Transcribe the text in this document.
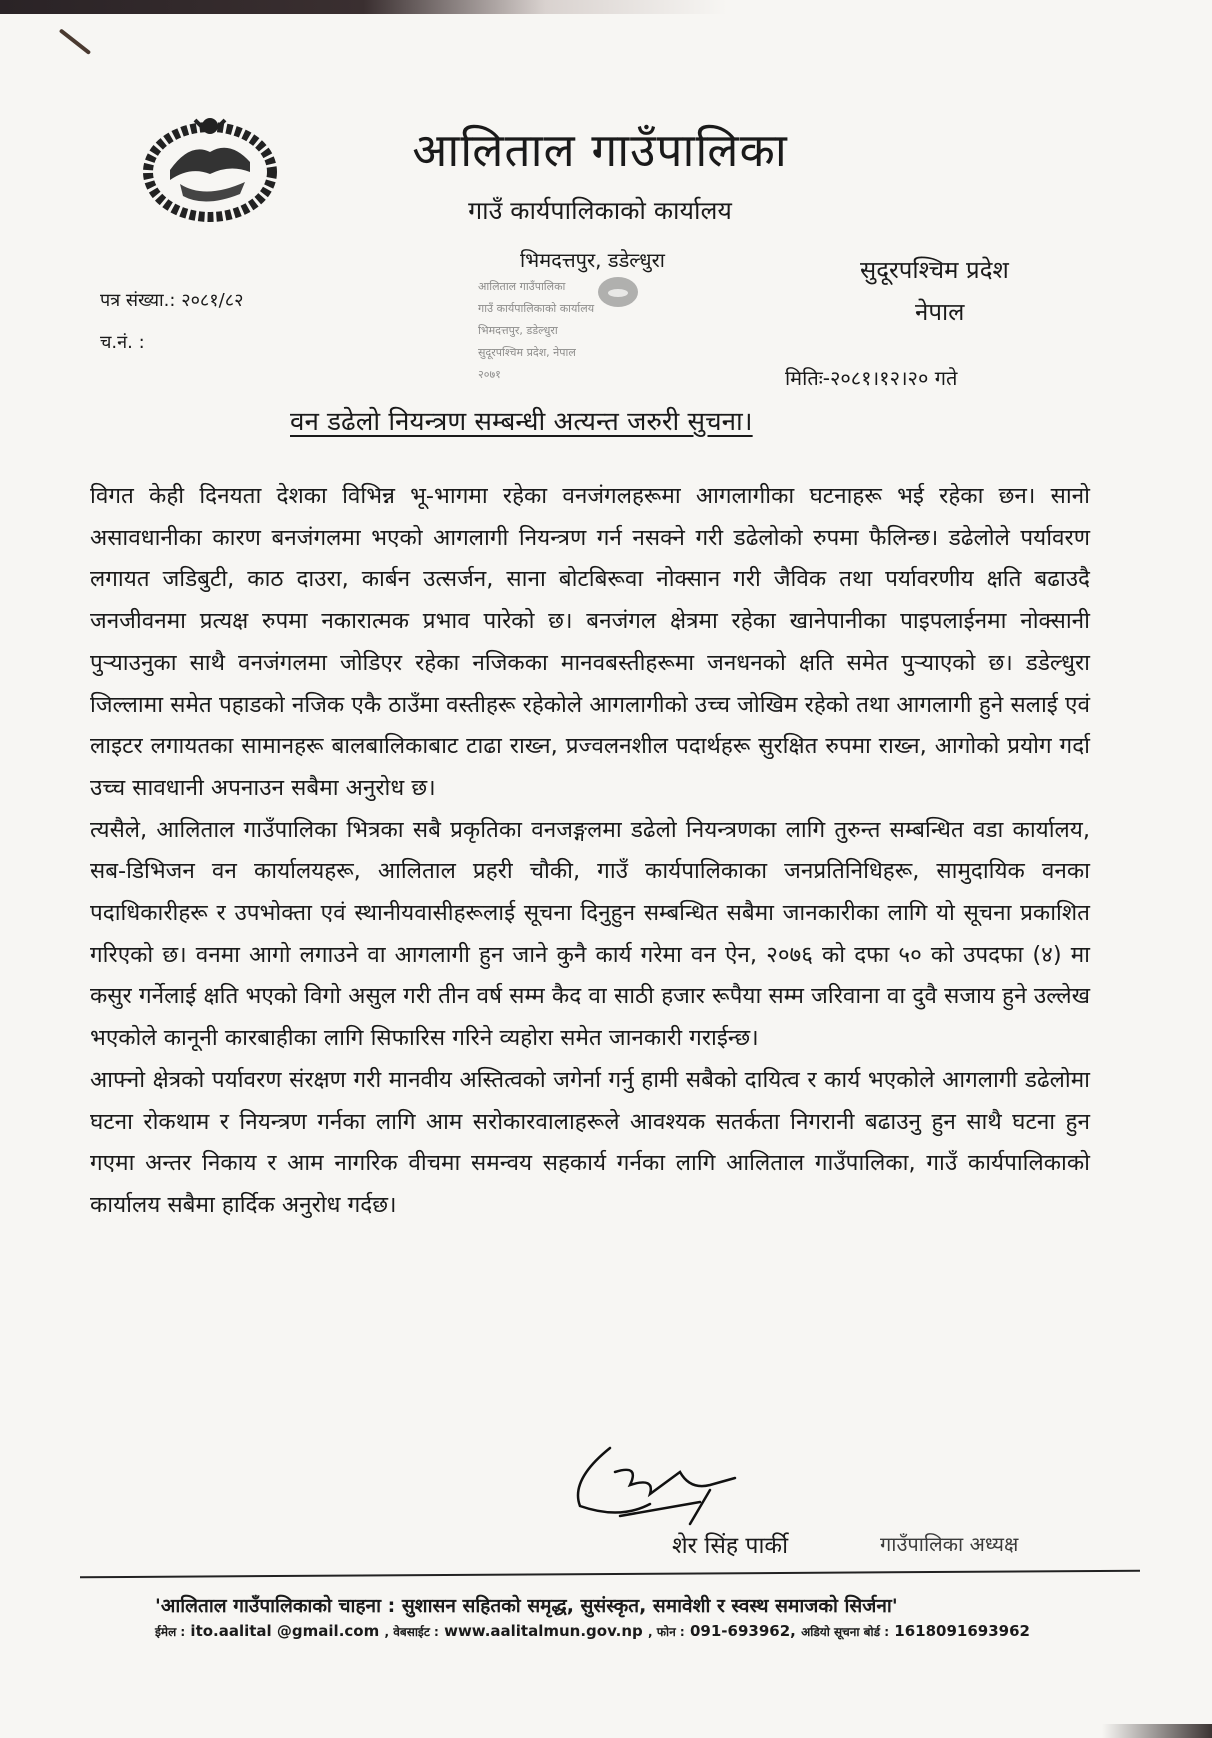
आलिताल गाउँपालिका
गाउँ कार्यपालिकाको कार्यालय
भिमदत्तपुर, डडेल्धुरा	सुदूरपश्चिम प्रदेश
नेपाल
पत्र संख्या.: २०८१/८२
च.नं. :
मितिः-२०८१।१२।२० गते
आलिताल गाउँपालिका
गाउँ कार्यपालिकाको कार्यालय
भिमदत्तपुर, डडेल्धुरा
सुदूरपश्चिम प्रदेश, नेपाल
२०७१
वन डढेलो नियन्त्रण सम्बन्धी अत्यन्त जरुरी सुचना।

विगत केही दिनयता देशका विभिन्न भू-भागमा रहेका वनजंगलहरूमा आगलागीका घटनाहरू भई रहेका छन। सानो असावधानीका कारण बनजंगलमा भएको आगलागी नियन्त्रण गर्न नसक्ने गरी डढेलोको रुपमा फैलिन्छ। डढेलोले पर्यावरण लगायत जडिबुटी, काठ दाउरा, कार्बन उत्सर्जन, साना बोटबिरूवा नोक्सान गरी जैविक तथा पर्यावरणीय क्षति बढाउदै जनजीवनमा प्रत्यक्ष रुपमा नकारात्मक प्रभाव पारेको छ। बनजंगल क्षेत्रमा रहेका खानेपानीका पाइपलाईनमा नोक्सानी पुऱ्याउनुका साथै वनजंगलमा जोडिएर रहेका नजिकका मानवबस्तीहरूमा जनधनको क्षति समेत पुऱ्याएको छ। डडेल्धुरा जिल्लामा समेत पहाडको नजिक एकै ठाउँमा वस्तीहरू रहेकोले आगलागीको उच्च जोखिम रहेको तथा आगलागी हुने सलाई एवं लाइटर लगायतका सामानहरू बालबालिकाबाट टाढा राख्न, प्रज्वलनशील पदार्थहरू सुरक्षित रुपमा राख्न, आगोको प्रयोग गर्दा उच्च सावधानी अपनाउन सबैमा अनुरोध छ।

त्यसैले, आलिताल गाउँपालिका भित्रका सबै प्रकृतिका वनजङ्गलमा डढेलो नियन्त्रणका लागि तुरुन्त सम्बन्धित वडा कार्यालय, सब-डिभिजन वन कार्यालयहरू, आलिताल प्रहरी चौकी, गाउँ कार्यपालिकाका जनप्रतिनिधिहरू, सामुदायिक वनका पदाधिकारीहरू र उपभोक्ता एवं स्थानीयवासीहरूलाई सूचना दिनुहुन सम्बन्धित सबैमा जानकारीका लागि यो सूचना प्रकाशित गरिएको छ। वनमा आगो लगाउने वा आगलागी हुन जाने कुनै कार्य गरेमा वन ऐन, २०७६ को दफा ५० को उपदफा (४) मा कसुर गर्नेलाई क्षति भएको विगो असुल गरी तीन वर्ष सम्म कैद वा साठी हजार रूपैया सम्म जरिवाना वा दुवै सजाय हुने उल्लेख भएकोले कानूनी कारबाहीका लागि सिफारिस गरिने व्यहोरा समेत जानकारी गराईन्छ।

आफ्नो क्षेत्रको पर्यावरण संरक्षण गरी मानवीय अस्तित्वको जगेर्ना गर्नु हामी सबैको दायित्व र कार्य भएकोले आगलागी डढेलोमा घटना रोकथाम र नियन्त्रण गर्नका लागि आम सरोकारवालाहरूले आवश्यक सतर्कता निगरानी बढाउनु हुन साथै घटना हुन गएमा अन्तर निकाय र आम नागरिक वीचमा समन्वय सहकार्य गर्नका लागि आलिताल गाउँपालिका, गाउँ कार्यपालिकाको कार्यालय सबैमा हार्दिक अनुरोध गर्दछ।

शेर सिंह पार्की	गाउँपालिका अध्यक्ष
'आलिताल गाउँपालिकाको चाहना : सुशासन सहितको समृद्ध, सुसंस्कृत, समावेशी र स्वस्थ समाजको सिर्जना'
ईमेल : ito.aalital @gmail.com , वेबसाईट : www.aalitalmun.gov.np , फोन : 091-693962, अडियो सूचना बोर्ड : 1618091693962
